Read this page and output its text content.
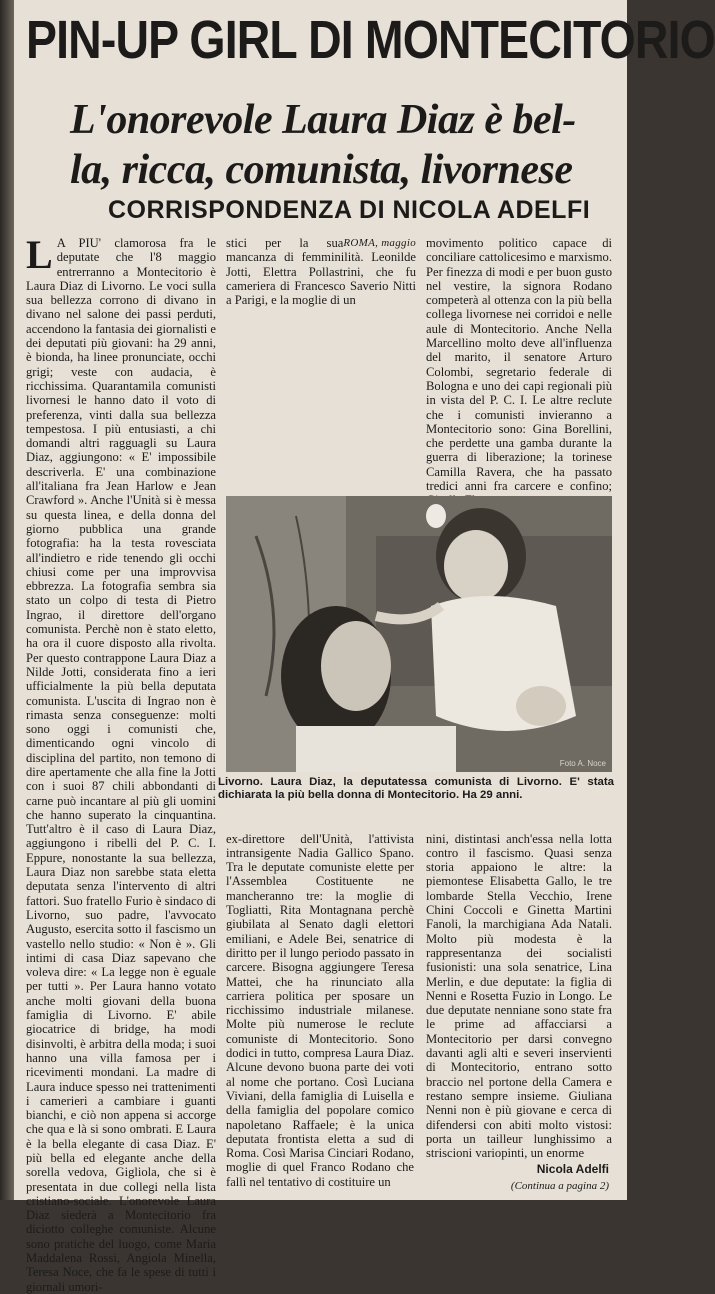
PIN-UP GIRL DI MONTECITORIO
L'onorevole Laura Diaz è bel-
la, ricca, comunista, livornese
CORRISPONDENZA DI NICOLA ADELFI
L A PIU' clamorosa fra le deputate che l'8 maggio entrerranno a Montecitorio è Laura Diaz di Livorno. Le voci sulla sua bellezza corrono di divano in divano nel salone dei passi perduti, accendono la fantasia dei giornalisti e dei deputati più giovani: ha 29 anni, è bionda, ha linee pronunciate, occhi grigi; veste con audacia, è ricchissima. Quarantamila comunisti livornesi le hanno dato il voto di preferenza, vinti dalla sua bellezza tempestosa. I più entusiasti, a chi domandi altri ragguagli su Laura Diaz, aggiungono: « E' impossibile descriverla. E' una combinazione all'italiana fra Jean Harlow e Jean Crawford ». Anche l'Unità si è messa su questa linea, e della donna del giorno pubblica una grande fotografia: ha la testa rovesciata all'indietro e ride tenendo gli occhi chiusi come per una improvvisa ebbrezza. La fotografia sembra sia stato un colpo di testa di Pietro Ingrao, il direttore dell'organo comunista. Perchè non è stato eletto, ha ora il cuore disposto alla rivolta. Per questo contrappone Laura Diaz a Nilde Jotti, considerata fino a ieri ufficialmente la più bella deputata comunista. L'uscita di Ingrao non è rimasta senza conseguenze: molti sono oggi i comunisti che, dimenticando ogni vincolo di disciplina del partito, non temono di dire apertamente che alla fine la Jotti con i suoi 87 chili abbondanti di carne può incantare al più gli uomini che hanno superato la cinquantina. Tutt'altro è il caso di Laura Diaz, aggiungono i ribelli del P. C. I. Eppure, nonostante la sua bellezza, Laura Diaz non sarebbe stata eletta deputata senza l'intervento di altri fattori. Suo fratello Furio è sindaco di Livorno, suo padre, l'avvocato Augusto, esercita sotto il fascismo un vastello nello studio: « Non è ». Gli intimi di casa Diaz sapevano che voleva dire: « La legge non è eguale per tutti ». Per Laura hanno votato anche molti giovani della buona famiglia di Livorno. E' abile giocatrice di bridge, ha modi disinvolti, è arbitra della moda; i suoi hanno una villa famosa per i ricevimenti mondani. La madre di Laura induce spesso nei trattenimenti i camerieri a cambiare i guanti bianchi, e ciò non appena si accorge che qua e là si sono ombrati. E Laura è la bella elegante di casa Diaz. E' più bella ed elegante anche della sorella vedova, Gigliola, che si è presentata in due collegi nella lista cristiano-sociale. L'onorevole Laura Diaz siederà a Montecitorio fra diciotto colleghe comuniste. Alcune sono pratiche del luogo, come Maria Maddalena Rossi, Angiola Minella, Teresa Noce, che fa le spese di tutti i giornali umori-

ROMA, maggio

stici per la sua mancanza di femminilità. Leonilde Jotti, Elettra Pollastrini, che fu cameriera di Francesco Saverio Nitti a Parigi, e la moglie di un

movimento politico capace di conciliare cattolicesimo e marxismo. Per finezza di modi e per buon gusto nel vestire, la signora Rodano competerà al ottenza con la più bella collega livornese nei corridoi e nelle aule di Montecitorio. Anche Nella Marcellino molto deve all'influenza del marito, il senatore Arturo Colombi, segretario federale di Bologna e uno dei capi regionali più in vista del P. C. I. Le altre reclute che i comunisti invieranno a Montecitorio sono: Gina Borellini, che perdette una gamba durante la guerra di liberazione; la torinese Camilla Ravera, che ha passato tredici anni fra carcere e confino;

Foto A. Noce
Livorno. Laura Diaz, la deputatessa comunista di Livorno. E' stata dichiarata la più bella donna di Montecitorio. Ha 29 anni.

ex-direttore dell'Unità, l'attivista intransigente Nadia Gallico Spano. Tra le deputate comuniste elette per l'Assemblea Costituente ne mancheranno tre: la moglie di Togliatti, Rita Montagnana perchè giubilata al Senato dagli elettori emiliani, e Adele Bei, senatrice di diritto per il lungo periodo passato in carcere. Bisogna aggiungere Teresa Mattei, che ha rinunciato alla carriera politica per sposare un ricchissimo industriale milanese. Molte più numerose le reclute comuniste di Montecitorio. Sono dodici in tutto, compresa Laura Diaz. Alcune devono buona parte dei voti al nome che portano. Così Luciana Viviani, della famiglia di Luisella e della famiglia del popolare comico napoletano Raffaele; è la unica deputata frontista eletta a sud di Roma. Così Marisa Cinciari Rodano, moglie di quel Franco Rodano che fallì nel tentativo di costituire un

nini, distintasi anch'essa nella lotta contro il fascismo. Quasi senza storia appaiono le altre: la piemontese Elisabetta Gallo, le tre lombarde Stella Vecchio, Irene Chini Coccoli e Ginetta Martini Fanoli, la marchigiana Ada Natali. Molto più modesta è la rappresentanza dei socialisti fusionisti: una sola senatrice, Lina Merlin, e due deputate: la figlia di Nenni e Rosetta Fuzio in Longo. Le due deputate nenniane sono state fra le prime ad affacciarsi a Montecitorio per darsi convegno davanti agli alti e severi inservienti di Montecitorio, entrano sotto braccio nel portone della Camera e restano sempre insieme. Giuliana Nenni non è più giovane e cerca di difendersi con abiti molto vistosi: porta un tailleur lunghissimo a striscioni variopinti, un enorme

Nicola Adelfi
(Continua a pagina 2)
